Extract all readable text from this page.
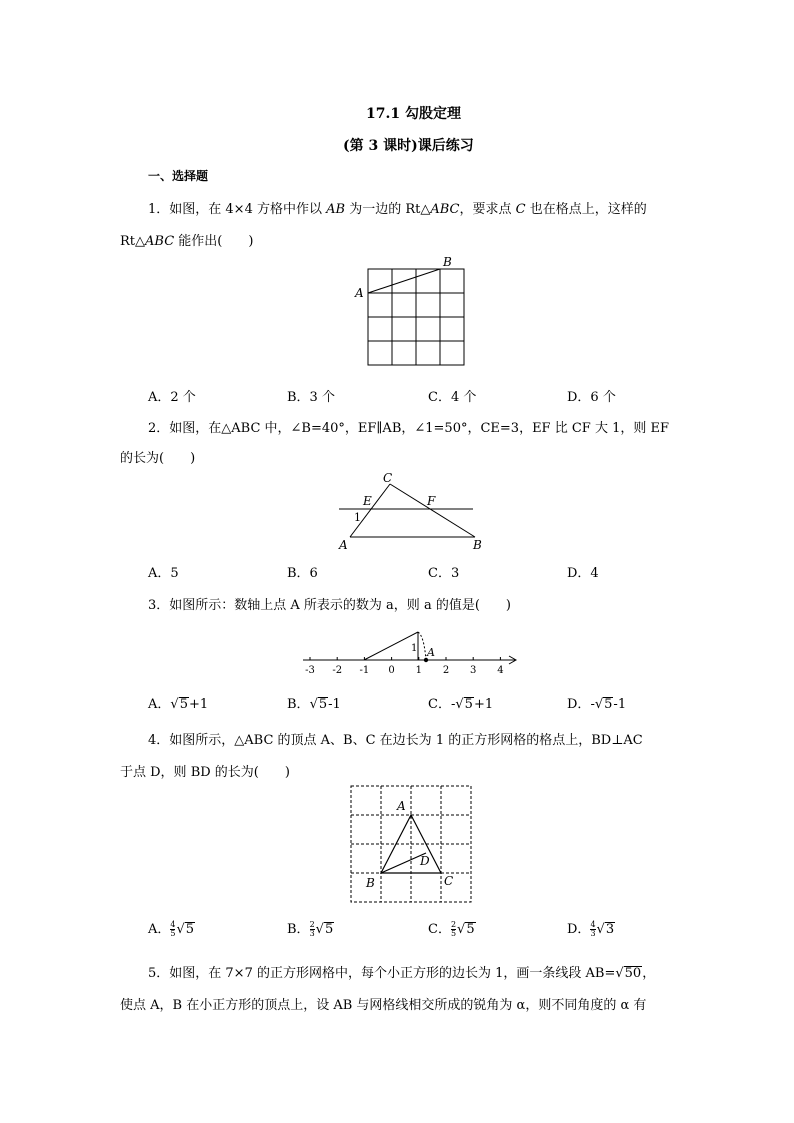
17.1 勾股定理
(第 3 课时)课后练习
一、选择题
1．如图，在 4×4 方格中作以 AB 为一边的 Rt△ABC，要求点 C 也在格点上，这样的
Rt△ABC 能作出(　　)
A
B
A．2 个	B．3 个	C．4 个	D．6 个
2．如图，在△ABC 中，∠B=40°，EF∥AB，∠1=50°，CE=3，EF 比 CF 大 1，则 EF
的长为(　　)
C
E	F
1
A	B
A．5	B．6	C．3	D．4
3．如图所示：数轴上点 A 所表示的数为 a，则 a 的值是(　　)
A
1
-3 -2 -1 0 1 2 3 4
A．√5+1	B．√5-1	C．-√5+1	D．-√5-1
4．如图所示，△ABC 的顶点 A、B、C 在边长为 1 的正方形网格的格点上，BD⊥AC
于点 D，则 BD 的长为(　　)
A
B	C
D
A． $\frac{4}{5} √5$	B． $\frac{2}{3} √5$	C． $\frac{2}{5} √5$	D． $\frac{4}{3} √3$
5．如图，在 7×7 的正方形网格中，每个小正方形的边长为 1，画一条线段 AB=√50，
使点 A，B 在小正方形的顶点上，设 AB 与网格线相交所成的锐角为 α，则不同角度的 α 有
